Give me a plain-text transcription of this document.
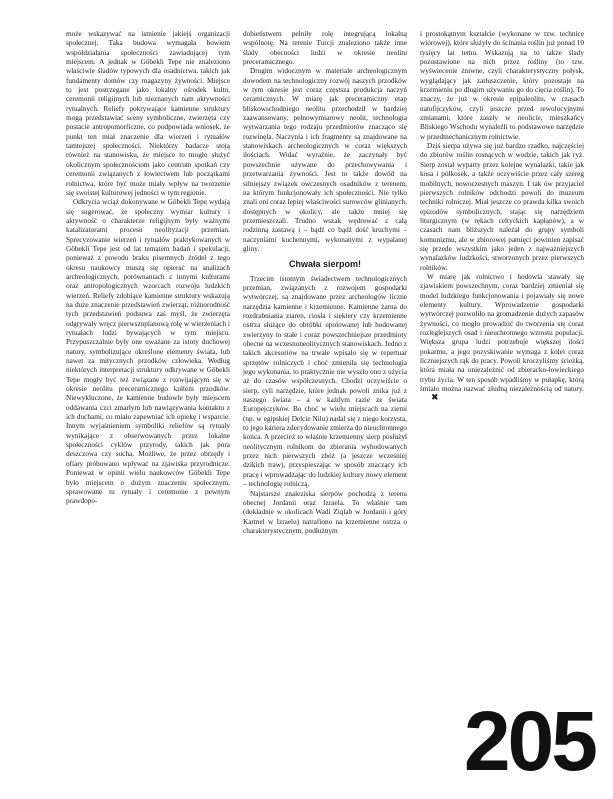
może wskazywać na istnienie jakiejś organizacji społecznej. Taka budowa wymagała bowiem współdziałania społeczności zawiadującej tym miejscem. A jednak w Göbekli Tepe nie znaleziono właściwie śladów typowych dla osadnictwa, takich jak fundamenty domów czy magazyny żywności. Miejsce to jest postrzegane jako lokalny ośrodek kultu, ceremonii religijnych lub nieznanych nam aktywności rytualnych. Reliefy pokrywające kamienne struktury mogą przedstawiać sceny symboliczne, zwierzęta czy postacie antropomorficzne, co podpowiada wniosek, że punkt ten miał znaczenie dla wierzeń i rytuałów tamtejszej społeczności. Niektórzy badacze stoją również na stanowisku, że miejsce to mogło służyć okolicznym społecznościom jako centrum spotkań czy ceremonii związanych z łowiectwem lub początkami rolnictwa, które być może miały wpływ na tworzenie się swoistej kulturowej jedności w tym regionie.

Odkrycia wciąż dokonywane w Göbekli Tepe wydają się sugerować, że społeczny wymiar kultury i aktywność o charakterze religijnym były ważnymi katalizatorami procesu neolityzacji przemian. Sprecyzowanie wierzeń i rytuałów praktykowanych w Göbekli Tepe jest od lat tematem badań i spekulacji, ponieważ z powodu braku pisemnych źródeł z tego okresu naukowcy muszą się opierać na analizach archeologicznych, porównaniach z innymi kulturami oraz antropologicznych wzorcach rozwoju ludzkich wierzeń. Reliefy zdobiące kamienne struktury wskazują na duże znaczenie przedstawień zwierząt, różnorodność tych przedstawień podsuwa zaś myśl, że zwierzęta odgrywały wręcz pierwszoplanową rolę w wierzeniach i rytuałach ludzi bywających w tym miejscu. Przypuszczalnie były one uważane za istoty duchowej natury, symbolizujące określone elementy świata, lub nawet za mitycznych przodków człowieka. Według niektórych interpretacji struktury odkrywane w Göbekli Tepe mogły być też związane z rozwijającym się w okresie neolitu preceramicznego kultem przodków. Niewykluczone, że kamienne budowle były miejscem oddawania czci zmarłym lub nawiązywania kontaktu z ich duchami, co miało zapewniać ich opiekę i wsparcie. Innym wyjaśnieniem symboliki reliefów są rytuały wynikające z obserwowanych przez lokalne społeczności cyklów przyrody, takich jak pora deszczowa czy sucha. Możliwe, że przez obrzędy i ofiary próbowano wpływać na zjawiska przyrodnicze. Ponieważ w opinii wielu naukowców Göbekli Tepe było miejscem o dużym znaczeniu społecznym, sprawowane tu rytuały i ceremonie z pewnym prawdopo-

dobieństwem pełniły rolę integrującą lokalną wspólnotę. Na terenie Turcji znaleziono także inne ślady obecności ludzi w okresie neolitu preceramicznego.

Drugim widocznym w materiale archeologicznym dowodem na technologiczny rozwój naszych przodków w tym okresie jest coraz częstsza produkcja naczyń ceramicznych. W miarę jak preceramiczny etap bliskowschodniego neolitu przechodził w bardziej zaawansowany, pełnowymiarowy neolit, technologia wytwarzania tego rodzaju przedmiotów znacząco się rozwinęła. Naczynia i ich fragmenty są znajdowane na stanowiskach archeologicznych w coraz większych ilościach. Widać wyraźnie, że zaczynały być powszechnie używane do przechowywania i przetwarzania żywności. Jest to także dowód na silniejszy związek owczesnych osadników z terenem, na którym funkcjonowały ich społeczności. Nie tylko znali oni coraz lepiej właściwości surowców glinianych, dostępnych w okolicy, ale także mniej się przemieszczali. Trudno wszak wędrować z całą rodzinną zastawą i – bądź co bądź dość kruchymi – naczyniami kuchennymi, wykonanymi z wypalanej gliny.

Chwała sierpom!

Trzecim istotnym świadectwem technologicznych przemian, związanych z rozwojem gospodarki wytwórczej, są znajdowane przez archeologów liczne narzędzia kamienne i krzemienne. Kamienne żarna do rozdrabniania ziaren, ciosła i siekiery czy krzemienne ostrza służące do obróbki upolowanej lub hodowanej zwierzyny to stałe i coraz powszechniejsze przedmioty obecne na wczesnoneolitycznych stanowiskach. Jedno z takich akcesoriów na trwałe wpisało się w repertuar sprzętów rolniczych i choć zmieniła się technologia jego wykonania, to praktycznie nie wyszło ono z użycia aż do czasów współczesnych. Chodzi oczywiście o sierp, cyli narzędzie, które jednak powoli znika już z naszego świata – a w każdym razie ze świata Europejczyków. Bo choć w wielu miejscach na ziemi (np. w egipskiej Delcie Nilu) nadal się z niego korzysta, to jego kariera zdecydowanie zmierza do nieuchronnego końca. A przecież to właśnie krzemienny sierp posłużył neolitycznym rolnikom do zbierania wyhodowanych przez nich pierwszych zbóż (a jeszcze wcześniej dzikich traw), przyspieszając w sposób znaczący ich pracę i wprowadzając do ludzkiej kultury nowy element – technologię rolniczą.

Najstarsze znaleziska sierpów pochodzą z terenu obecnej Jordanii oraz Izraela. To właśnie tam (dokładnie w okolicach Wadi Ziqlab w Jordanii i góry Karmel w Izraelu) natrafiono na krzemienne ostrza o charakterystycznym, podłużnym

i prostokątnym kształcie (wykonane w tzw. technice wiórowej), które służyły do ścinania roślin już ponad 10 tysięcy lat temu. Wskazują na to także ślady pozostawione na nich przez rośliny (to tzw. wyświecenie żniwne, czyli charakterystyczny połysk, wyglądający jak zatłuszczenie, który pozostaje na krzemieniu po długim używaniu go do cięcia roślin). To znaczy, że już w okresie epipaleolitu, w czasach natufijczyków, czyli jeszcze przed rewolucyjnymi zmianami, które zaszły w neolicie, mieszkańcy Bliskiego Wschodu wynaleźli to podstawowe narzędzie w przedmechanicznym rolnictwie.

Dziś sierpa używa się już bardzo rzadko, najczęściej do zbiorów roślin rosnących w wodzie, takich jak ryż. Sierp został wyparty przez kolejne wynalazki, takie jak kosa i półkosek, a także oczywiście przez cały szereg mobilnych, nowoczesnych maszyn. I tak ów przyjaciel pierwszych rolników odchodzi powoli do muzeum techniki rolniczej. Miał jeszcze co prawda kilka swoich epizodów symbolicznych, stając się narzędziem liturgicznym (w rękach celtyckich kapłanów), a w czasach nam bliższych należał do grupy symboli komunizmu, ale w zbiorowej pamięci powinien zapisać się przede wszystkim jako jeden z najważniejszych wynalazków ludzkości, stworzonych przez pierwszych rolników.

W miarę jak rolnictwo i hodowla stawały się zjawiskiem powszechnym, coraz bardziej zmieniał się model ludzkiego funkcjonowania i pojawiały się nowe elementy kultury. Wprowadzenie gospodarki wytwórczej pozwoliło na gromadzenie dużych zapasów żywności, co mogło prowadzić do tworzenia się coraz rozleglejszych osad i nieuchronnego wzrostu populacji. Większa grupa ludzi potrzebuje większej ilości pokarmu, a jego pozyskiwanie wymaga z kolei coraz liczniejszych rąk do pracy. Powoli kroczyliśmy ścieżką, która miała na uniezależnić od zbieracko-łowieckiego trybu życia. W ten sposób wpadliśmy w pułapkę, którą śmiało można nazwać złudną niezależnością od natury.✖

205
